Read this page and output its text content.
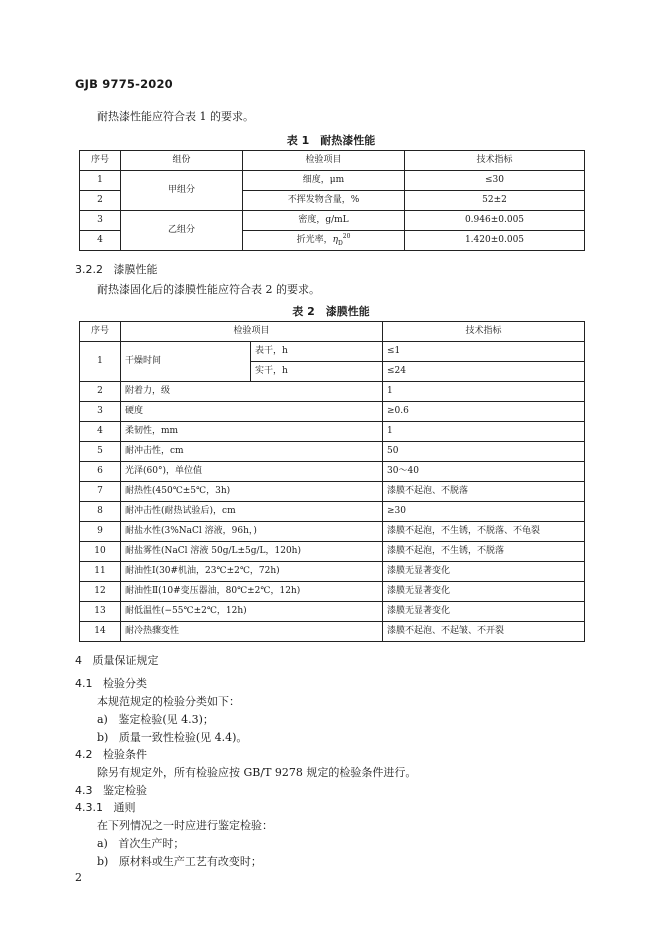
GJB 9775-2020
耐热漆性能应符合表 1 的要求。
表 1　耐热漆性能
序号	组份	检验项目	技术指标
1	甲组分	细度，μm	≤30
2		不挥发物含量，%	52±2
3	乙组分	密度，g/mL	0.946±0.005
4		折光率，$\eta_D^{20}$	1.420±0.005
3.2.2 漆膜性能
耐热漆固化后的漆膜性能应符合表 2 的要求。
表 2　漆膜性能
序号	检验项目		技术指标
1	干燥时间	表干，h	≤1
		实干，h	≤24
2	附着力，级		1
3	硬度		≥0.6
4	柔韧性，mm		1
5	耐冲击性，cm		50
6	光泽(60°)，单位值		30～40
7	耐热性(450℃±5℃，3h)		漆膜不起泡、不脱落
8	耐冲击性(耐热试验后)，cm		≥30
9	耐盐水性(3%NaCl 溶液，96h，)		漆膜不起泡，不生锈，不脱落、不龟裂
10	耐盐雾性(NaCl 溶液 50g/L±5g/L，120h)		漆膜不起泡，不生锈，不脱落
11	耐油性Ⅰ(30#机油，23℃±2℃，72h)		漆膜无显著变化
12	耐油性Ⅱ(10#变压器油，80℃±2℃，12h)		漆膜无显著变化
13	耐低温性(−55℃±2℃，12h)		漆膜无显著变化
14	耐冷热骤变性		漆膜不起泡、不起皱、不开裂
4 质量保证规定
4.1 检验分类
本规范规定的检验分类如下：
a) 鉴定检验(见 4.3)；
b) 质量一致性检验(见 4.4)。
4.2 检验条件
除另有规定外，所有检验应按 GB/T 9278 规定的检验条件进行。
4.3 鉴定检验
4.3.1 通则
在下列情况之一时应进行鉴定检验：
a) 首次生产时；
b) 原材料或生产工艺有改变时；
2
